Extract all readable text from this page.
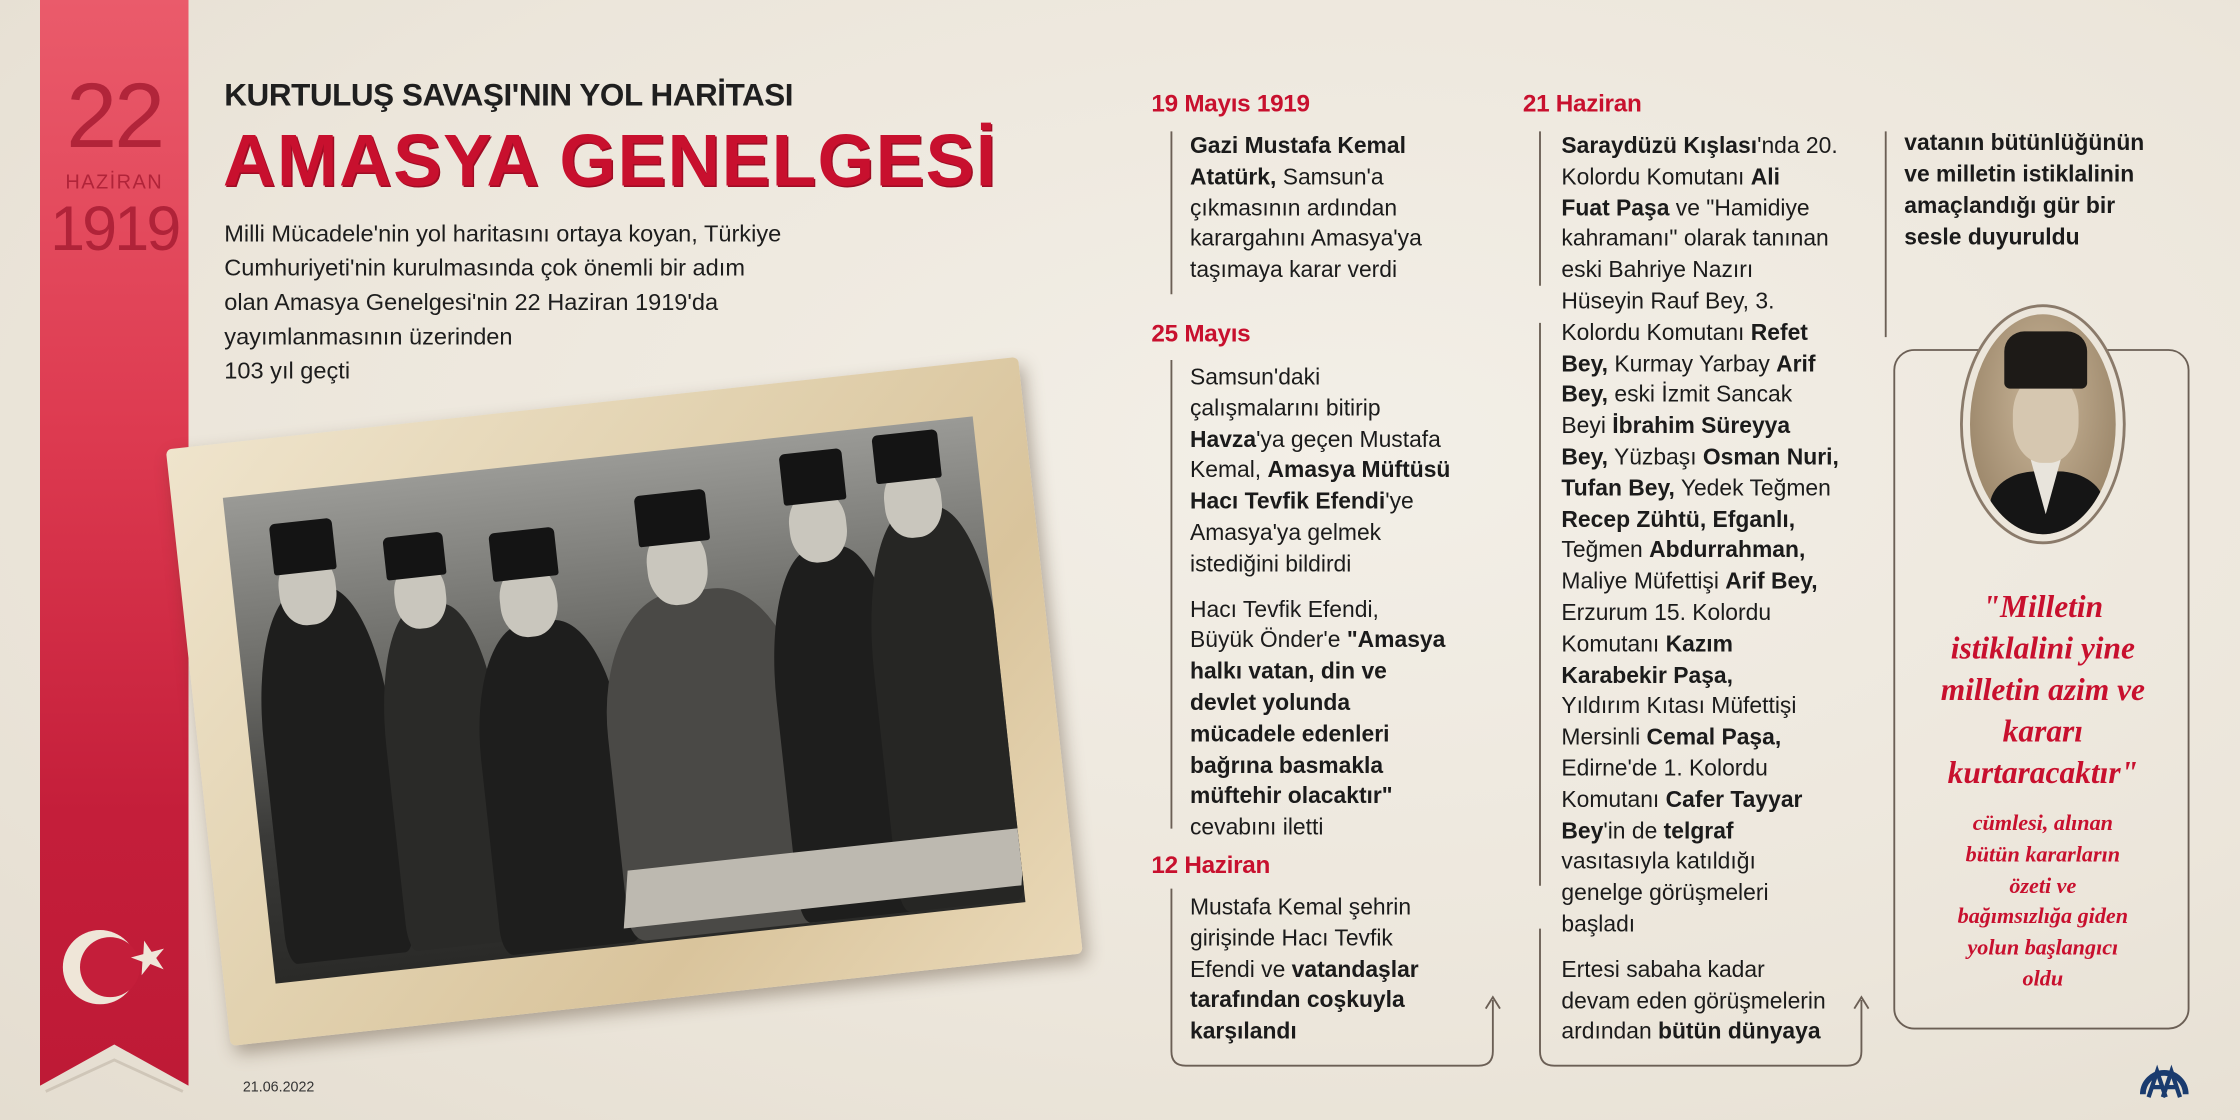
22
HAZİRAN
1919
KURTULUŞ SAVAŞI'NIN YOL HARİTASI
AMASYA GENELGESİ
Milli Mücadele'nin yol haritasını ortaya koyan, Türkiye
Cumhuriyeti'nin kurulmasında çok önemli bir adım
olan Amasya Genelgesi'nin 22 Haziran 1919'da
yayımlanmasının üzerinden
103 yıl geçti
19 Mayıs 1919

Gazi Mustafa Kemal
Atatürk, Samsun'a
çıkmasının ardından
karargahını Amasya'ya
taşımaya karar verdi

25 Mayıs

Samsun'daki
çalışmalarını bitirip
Havza'ya geçen Mustafa
Kemal, Amasya Müftüsü
Hacı Tevfik Efendi'ye
Amasya'ya gelmek
istediğini bildirdi

Hacı Tevfik Efendi,
Büyük Önder'e "Amasya
halkı vatan, din ve
devlet yolunda
mücadele edenleri
bağrına basmakla
müftehir olacaktır"
cevabını iletti

12 Haziran

Mustafa Kemal şehrin
girişinde Hacı Tevfik
Efendi ve vatandaşlar
tarafından coşkuyla
karşılandı

21 Haziran

Saraydüzü Kışlası'nda 20.
Kolordu Komutanı Ali
Fuat Paşa ve "Hamidiye
kahramanı" olarak tanınan
eski Bahriye Nazırı
Hüseyin Rauf Bey, 3.
Kolordu Komutanı Refet
Bey, Kurmay Yarbay Arif
Bey, eski İzmit Sancak
Beyi İbrahim Süreyya
Bey, Yüzbaşı Osman Nuri,
Tufan Bey, Yedek Teğmen
Recep Zühtü, Efganlı,
Teğmen Abdurrahman,
Maliye Müfettişi Arif Bey,
Erzurum 15. Kolordu
Komutanı Kazım
Karabekir Paşa,
Yıldırım Kıtası Müfettişi
Mersinli Cemal Paşa,
Edirne'de 1. Kolordu
Komutanı Cafer Tayyar
Bey'in de telgraf
vasıtasıyla katıldığı
genelge görüşmeleri
başladı

Ertesi sabaha kadar
devam eden görüşmelerin
ardından bütün dünyaya

vatanın bütünlüğünün
ve milletin istiklalinin
amaçlandığı gür bir
sesle duyuruldu

"Milletin
istiklalini yine
milletin azim ve
kararı
kurtaracaktır"
cümlesi, alınan
bütün kararların
özeti ve
bağımsızlığa giden
yolun başlangıcı
oldu
21.06.2022
